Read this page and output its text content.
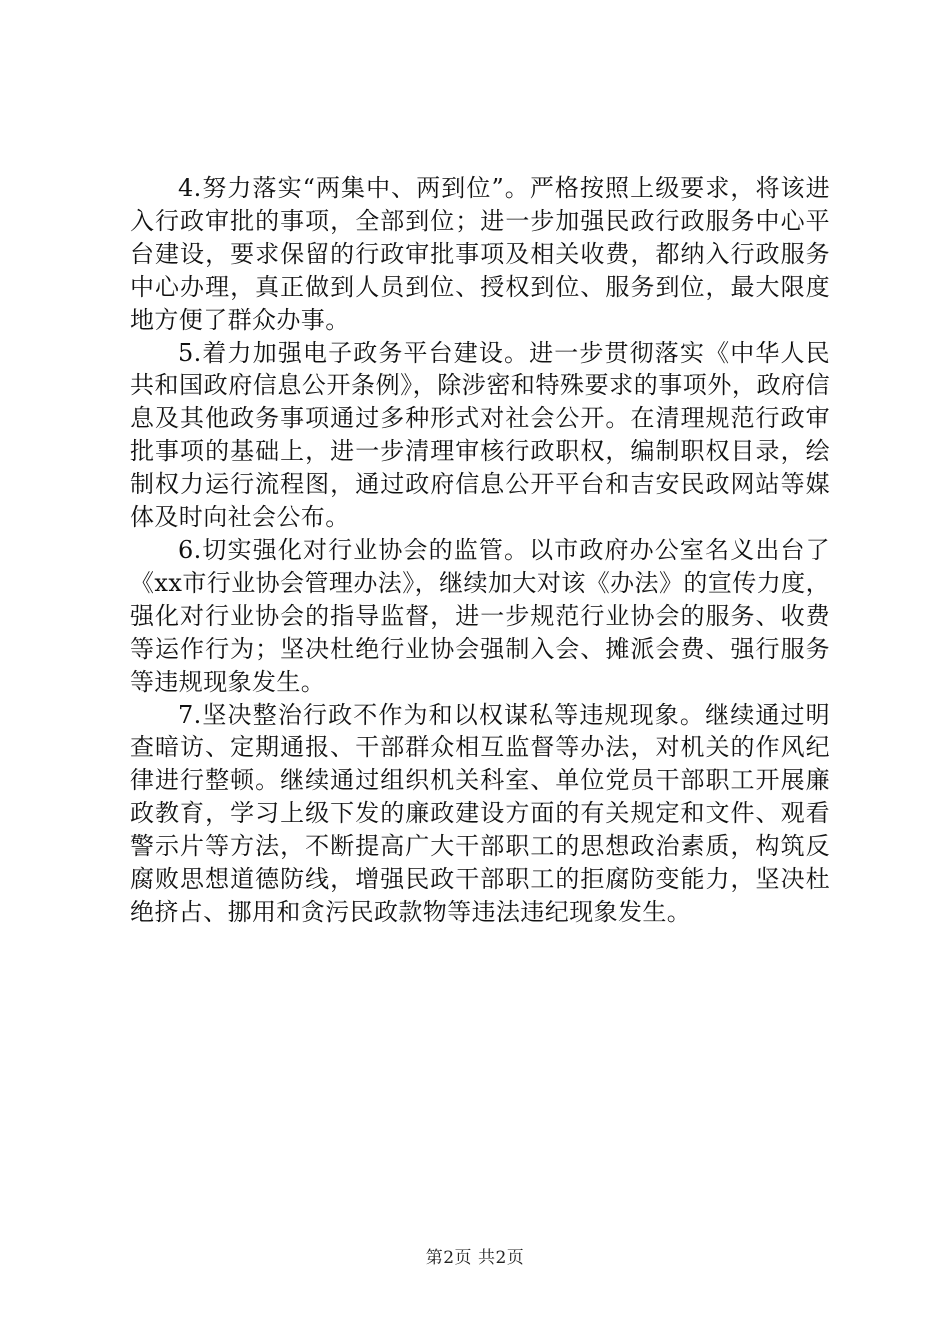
4.努力落实“两集中、两到位”。严格按照上级要求，将该进入行政审批的事项，全部到位；进一步加强民政行政服务中心平台建设，要求保留的行政审批事项及相关收费，都纳入行政服务中心办理，真正做到人员到位、授权到位、服务到位，最大限度地方便了群众办事。

5.着力加强电子政务平台建设。进一步贯彻落实《中华人民共和国政府信息公开条例》，除涉密和特殊要求的事项外，政府信息及其他政务事项通过多种形式对社会公开。在清理规范行政审批事项的基础上，进一步清理审核行政职权，编制职权目录，绘制权力运行流程图，通过政府信息公开平台和吉安民政网站等媒体及时向社会公布。

6.切实强化对行业协会的监管。以市政府办公室名义出台了《xx市行业协会管理办法》，继续加大对该《办法》的宣传力度，强化对行业协会的指导监督，进一步规范行业协会的服务、收费等运作行为；坚决杜绝行业协会强制入会、摊派会费、强行服务等违规现象发生。

7.坚决整治行政不作为和以权谋私等违规现象。继续通过明查暗访、定期通报、干部群众相互监督等办法，对机关的作风纪律进行整顿。继续通过组织机关科室、单位党员干部职工开展廉政教育，学习上级下发的廉政建设方面的有关规定和文件、观看警示片等方法，不断提高广大干部职工的思想政治素质，构筑反腐败思想道德防线，增强民政干部职工的拒腐防变能力，坚决杜绝挤占、挪用和贪污民政款物等违法违纪现象发生。

第2页 共2页
